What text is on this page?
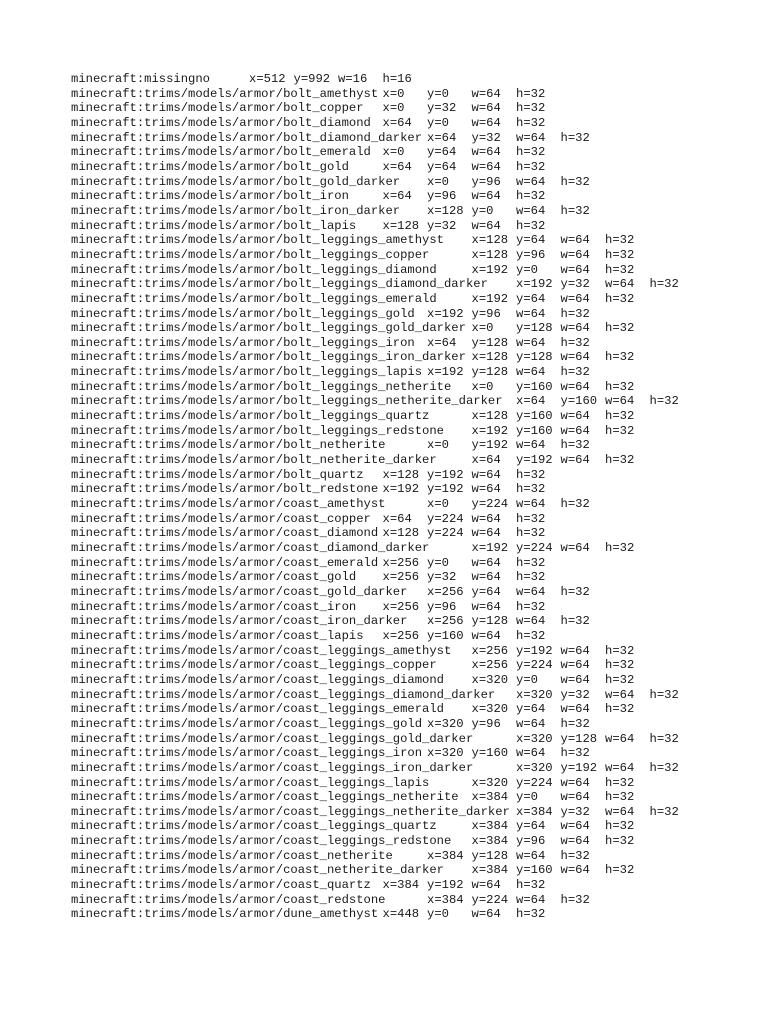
minecraft:missingno	x=512 y=992 w=16 h=16
minecraft:trims/models/armor/bolt_amethyst x=0 y=0 w=64 h=32
minecraft:trims/models/armor/bolt_copper x=0 y=32 w=64 h=32
minecraft:trims/models/armor/bolt_diamond x=64 y=0 w=64 h=32
minecraft:trims/models/armor/bolt_diamond_darker x=64 y=32 w=64 h=32
minecraft:trims/models/armor/bolt_emerald x=0 y=64 w=64 h=32
minecraft:trims/models/armor/bolt_gold	x=64 y=64 w=64 h=32
minecraft:trims/models/armor/bolt_gold_darker x=0 y=96 w=64 h=32
minecraft:trims/models/armor/bolt_iron	x=64 y=96 w=64 h=32
minecraft:trims/models/armor/bolt_iron_darker x=128 y=0 w=64 h=32
minecraft:trims/models/armor/bolt_lapis x=128 y=32 w=64 h=32
minecraft:trims/models/armor/bolt_leggings_amethyst x=128 y=64 w=64 h=32
minecraft:trims/models/armor/bolt_leggings_copper	x=128 y=96 w=64 h=32
minecraft:trims/models/armor/bolt_leggings_diamond	x=192 y=0 w=64 h=32
minecraft:trims/models/armor/bolt_leggings_diamond_darker x=192 y=32 w=64 h=32
minecraft:trims/models/armor/bolt_leggings_emerald	x=192 y=64 w=64 h=32
minecraft:trims/models/armor/bolt_leggings_gold x=192 y=96 w=64 h=32
minecraft:trims/models/armor/bolt_leggings_gold_darker x=0 y=128 w=64 h=32
minecraft:trims/models/armor/bolt_leggings_iron x=64 y=128 w=64 h=32
minecraft:trims/models/armor/bolt_leggings_iron_darker x=128 y=128 w=64 h=32
minecraft:trims/models/armor/bolt_leggings_lapis x=192 y=128 w=64 h=32
minecraft:trims/models/armor/bolt_leggings_netherite x=0 y=160 w=64 h=32
minecraft:trims/models/armor/bolt_leggings_netherite_darker x=64 y=160 w=64 h=32
minecraft:trims/models/armor/bolt_leggings_quartz	x=128 y=160 w=64 h=32
minecraft:trims/models/armor/bolt_leggings_redstone x=192 y=160 w=64 h=32
minecraft:trims/models/armor/bolt_netherite	x=0 y=192 w=64 h=32
minecraft:trims/models/armor/bolt_netherite_darker	x=64 y=192 w=64 h=32
minecraft:trims/models/armor/bolt_quartz x=128 y=192 w=64 h=32
minecraft:trims/models/armor/bolt_redstone x=192 y=192 w=64 h=32
minecraft:trims/models/armor/coast_amethyst	x=0 y=224 w=64 h=32
minecraft:trims/models/armor/coast_copper x=64 y=224 w=64 h=32
minecraft:trims/models/armor/coast_diamond x=128 y=224 w=64 h=32
minecraft:trims/models/armor/coast_diamond_darker	x=192 y=224 w=64 h=32
minecraft:trims/models/armor/coast_emerald x=256 y=0 w=64 h=32
minecraft:trims/models/armor/coast_gold x=256 y=32 w=64 h=32
minecraft:trims/models/armor/coast_gold_darker x=256 y=64 w=64 h=32
minecraft:trims/models/armor/coast_iron x=256 y=96 w=64 h=32
minecraft:trims/models/armor/coast_iron_darker x=256 y=128 w=64 h=32
minecraft:trims/models/armor/coast_lapis x=256 y=160 w=64 h=32
minecraft:trims/models/armor/coast_leggings_amethyst x=256 y=192 w=64 h=32
minecraft:trims/models/armor/coast_leggings_copper	x=256 y=224 w=64 h=32
minecraft:trims/models/armor/coast_leggings_diamond x=320 y=0 w=64 h=32
minecraft:trims/models/armor/coast_leggings_diamond_darker x=320 y=32 w=64 h=32
minecraft:trims/models/armor/coast_leggings_emerald x=320 y=64 w=64 h=32
minecraft:trims/models/armor/coast_leggings_gold x=320 y=96 w=64 h=32
minecraft:trims/models/armor/coast_leggings_gold_darker	x=320 y=128 w=64 h=32
minecraft:trims/models/armor/coast_leggings_iron x=320 y=160 w=64 h=32
minecraft:trims/models/armor/coast_leggings_iron_darker	x=320 y=192 w=64 h=32
minecraft:trims/models/armor/coast_leggings_lapis	x=320 y=224 w=64 h=32
minecraft:trims/models/armor/coast_leggings_netherite x=384 y=0 w=64 h=32
minecraft:trims/models/armor/coast_leggings_netherite_darker x=384 y=32 w=64 h=32
minecraft:trims/models/armor/coast_leggings_quartz	x=384 y=64 w=64 h=32
minecraft:trims/models/armor/coast_leggings_redstone x=384 y=96 w=64 h=32
minecraft:trims/models/armor/coast_netherite	x=384 y=128 w=64 h=32
minecraft:trims/models/armor/coast_netherite_darker x=384 y=160 w=64 h=32
minecraft:trims/models/armor/coast_quartz x=384 y=192 w=64 h=32
minecraft:trims/models/armor/coast_redstone	x=384 y=224 w=64 h=32
minecraft:trims/models/armor/dune_amethyst x=448 y=0 w=64 h=32
